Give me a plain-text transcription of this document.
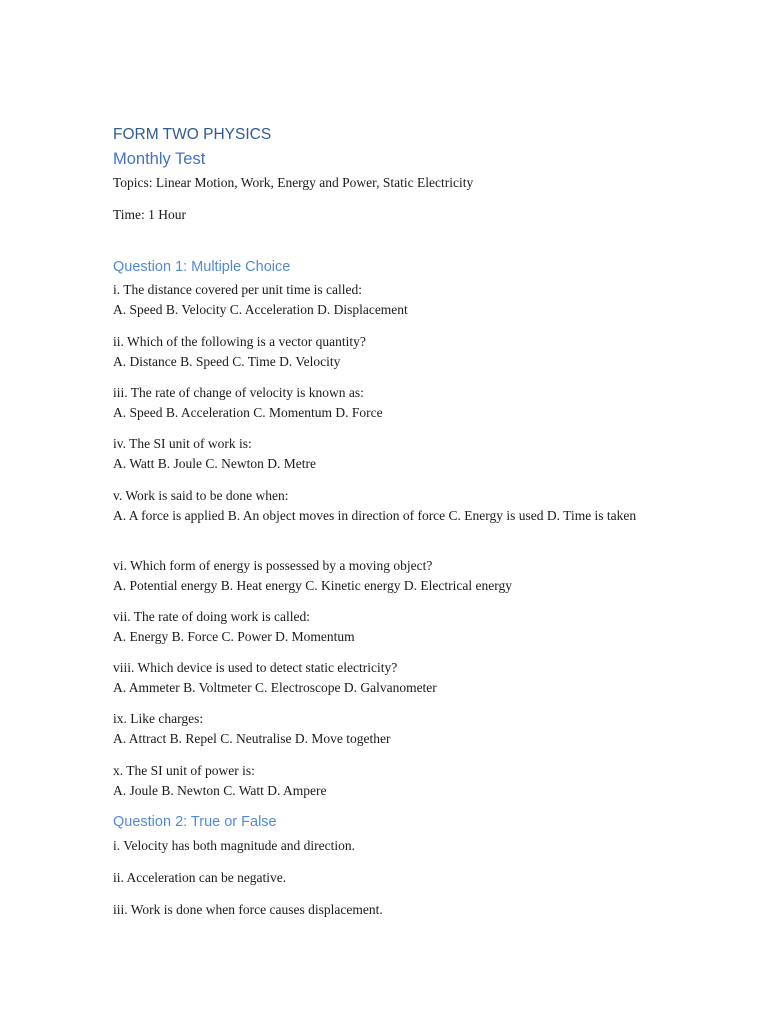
FORM TWO PHYSICS
Monthly Test
Topics: Linear Motion, Work, Energy and Power, Static Electricity
Time: 1 Hour
Question 1: Multiple Choice
i. The distance covered per unit time is called:
A. Speed B. Velocity C. Acceleration D. Displacement
ii. Which of the following is a vector quantity?
A. Distance B. Speed C. Time D. Velocity
iii. The rate of change of velocity is known as:
A. Speed B. Acceleration C. Momentum D. Force
iv. The SI unit of work is:
A. Watt B. Joule C. Newton D. Metre
v. Work is said to be done when:
A. A force is applied B. An object moves in direction of force C. Energy is used D. Time is taken
vi. Which form of energy is possessed by a moving object?
A. Potential energy B. Heat energy C. Kinetic energy D. Electrical energy
vii. The rate of doing work is called:
A. Energy B. Force C. Power D. Momentum
viii. Which device is used to detect static electricity?
A. Ammeter B. Voltmeter C. Electroscope D. Galvanometer
ix. Like charges:
A. Attract B. Repel C. Neutralise D. Move together
x. The SI unit of power is:
A. Joule B. Newton C. Watt D. Ampere
Question 2: True or False
i. Velocity has both magnitude and direction.
ii. Acceleration can be negative.
iii. Work is done when force causes displacement.
